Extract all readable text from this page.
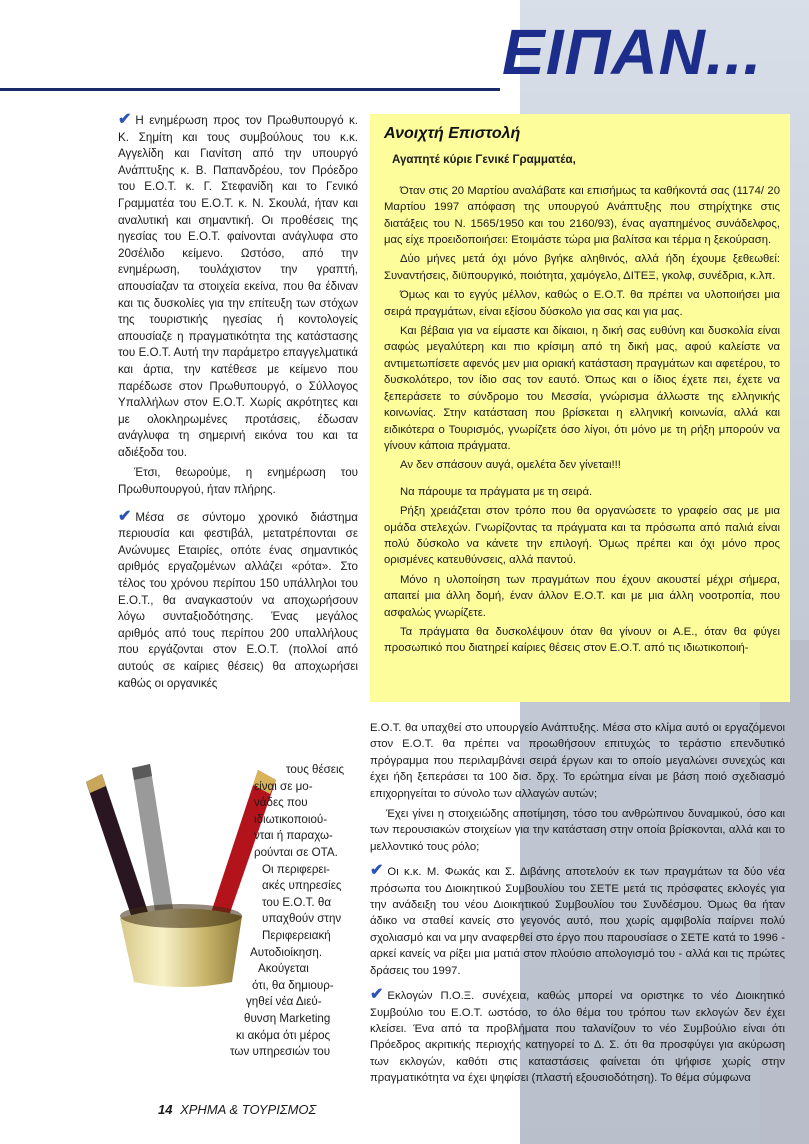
ΕΙΠΑΝ...

✔ Η ενημέρωση προς τον Πρωθυπουργό κ. Κ. Σημίτη και τους συμβούλους του κ.κ. Αγγελίδη και Γιανίτση από την υπουργό Ανάπτυξης κ. Β. Παπανδρέου, τον Πρόεδρο του Ε.Ο.Τ. κ. Γ. Στεφανίδη και το Γενικό Γραμματέα του Ε.Ο.Τ. κ. Ν. Σκουλά, ήταν και αναλυτική και σημαντική. Οι προθέσεις της ηγεσίας του Ε.Ο.Τ. φαίνονται ανάγλυφα στο 20σέλιδο κείμενο. Ωστόσο, από την ενημέρωση, τουλάχιστον την γραπτή, απουσίαζαν τα στοιχεία εκείνα, που θα έδιναν και τις δυσκολίες για την επίτευξη των στόχων της τουριστικής ηγεσίας ή κοντολογείς απουσίαζε η πραγματικότητα της κατάστασης του Ε.Ο.Τ. Αυτή την παράμετρο επαγγελματικά και άρτια, την κατέθεσε με κείμενο που παρέδωσε στον Πρωθυπουργό, ο Σύλλογος Υπαλλήλων στον Ε.Ο.Τ. Χωρίς ακρότητες και με ολοκληρωμένες προτάσεις, έδωσαν ανάγλυφα τη σημερινή εικόνα του και τα αδιέξοδα του.

Έτσι, θεωρούμε, η ενημέρωση του Πρωθυπουργού, ήταν πλήρης.

✔ Μέσα σε σύντομο χρονικό διάστημα περιουσία και φεστιβάλ, μετατρέπονται σε Ανώνυμες Εταιρίες, οπότε ένας σημαντικός αριθμός εργαζομένων αλλάζει «ρότα». Στο τέλος του χρόνου περίπου 150 υπάλληλοι του Ε.Ο.Τ., θα αναγκαστούν να αποχωρήσουν λόγω συνταξιοδότησης. Ένας μεγάλος αριθμός από τους περίπου 200 υπαλλήλους που εργάζονται στον Ε.Ο.Τ. (πολλοί από αυτούς σε καίριες θέσεις) θα αποχωρήσει καθώς οι οργανικές

τους θέσεις
είναι σε μο-
νάδες που
ιδιωτικοποιού-
νται ή παραχω-
ρούνται σε ΟΤΑ.
Οι περιφερει-
ακές υπηρεσίες
του Ε.Ο.Τ. θα
υπαχθούν στην
Περιφερειακή
Αυτοδιοίκηση.
Ακούγεται
ότι, θα δημιουρ-
γηθεί νέα Διεύ-
θυνση Marketing
κι ακόμα ότι μέρος
των υπηρεσιών του
Ανοιχτή Επιστολή
Αγαπητέ κύριε Γενικέ Γραμματέα,

Όταν στις 20 Μαρτίου αναλάβατε και επισήμως τα καθήκοντά σας (1174/ 20 Μαρτίου 1997 απόφαση της υπουργού Ανάπτυξης που στηρίχτηκε στις διατάξεις του Ν. 1565/1950 και του 2160/93), ένας αγαπημένος συνάδελφος, μας είχε προειδοποιήσει: Ετοιμάστε τώρα μια βαλίτσα και τέρμα η ξεκούραση.

Δύο μήνες μετά όχι μόνο βγήκε αληθινός, αλλά ήδη έχουμε ξεθεωθεί: Συναντήσεις, διϋπουργικό, ποιότητα, χαμόγελο, ΔΙΤΕΞ, γκολφ, συνέδρια, κ.λπ.

Όμως και το εγγύς μέλλον, καθώς ο Ε.Ο.Τ. θα πρέπει να υλοποιήσει μια σειρά πραγμάτων, είναι εξίσου δύσκολο για σας και για μας.

Και βέβαια για να είμαστε και δίκαιοι, η δική σας ευθύνη και δυσκολία είναι σαφώς μεγαλύτερη και πιο κρίσιμη από τη δική μας, αφού καλείστε να αντιμετωπίσετε αφενός μεν μια οριακή κατάσταση πραγμάτων και αφετέρου, το δυσκολότερο, τον ίδιο σας τον εαυτό. Όπως και ο ίδιος έχετε πει, έχετε να ξεπεράσετε το σύνδρομο του Μεσσία, γνώρισμα άλλωστε της ελληνικής κοινωνίας. Στην κατάσταση που βρίσκεται η ελληνική κοινωνία, αλλά και ειδικότερα ο Τουρισμός, γνωρίζετε όσο λίγοι, ότι μόνο με τη ρήξη μπορούν να γίνουν κάποια πράγματα.

Αν δεν σπάσουν αυγά, ομελέτα δεν γίνεται!!!

Να πάρουμε τα πράγματα με τη σειρά.

Ρήξη χρειάζεται στον τρόπο που θα οργανώσετε το γραφείο σας με μια ομάδα στελεχών. Γνωρίζοντας τα πράγματα και τα πρόσωπα από παλιά είναι πολύ δύσκολο να κάνετε την επιλογή. Όμως πρέπει και όχι μόνο προς ορισμένες κατευθύνσεις, αλλά παντού.

Μόνο η υλοποίηση των πραγμάτων που έχουν ακουστεί μέχρι σήμερα, απαιτεί μια άλλη δομή, έναν άλλον Ε.Ο.Τ. και με μια άλλη νοοτροπία, που ασφαλώς γνωρίζετε.

Τα πράγματα θα δυσκολέψουν όταν θα γίνουν οι Α.Ε., όταν θα φύγει προσωπικό που διατηρεί καίριες θέσεις στον Ε.Ο.Τ. από τις ιδιωτικοποιή-

Ε.Ο.Τ. θα υπαχθεί στο υπουργείο Ανάπτυξης. Μέσα στο κλίμα αυτό οι εργαζόμενοι στον Ε.Ο.Τ. θα πρέπει να προωθήσουν επιτυχώς το τεράστιο επενδυτικό πρόγραμμα που περιλαμβάνει σειρά έργων και το οποίο μεγαλώνει συνεχώς και έχει ήδη ξεπεράσει τα 100 δισ. δρχ. Το ερώτημα είναι με βάση ποιό σχεδιασμό επιχορηγείται το σύνολο των αλλαγών αυτών;

Έχει γίνει η στοιχειώδης αποτίμηση, τόσο του ανθρώπινου δυναμικού, όσο και των περουσιακών στοιχείων για την κατάσταση στην οποία βρίσκονται, αλλά και το μελλοντικό τους ρόλο;

✔ Οι κ.κ. Μ. Φωκάς και Σ. Διβάνης αποτελούν εκ των πραγμάτων τα δύο νέα πρόσωπα του Διοικητικού Συμβουλίου του ΣΕΤΕ μετά τις πρόσφατες εκλογές για την ανάδειξη του νέου Διοικητικού Συμβουλίου του Συνδέσμου. Όμως θα ήταν άδικο να σταθεί κανείς στο γεγονός αυτό, που χωρίς αμφιβολία παίρνει πολύ σχολιασμό και να μην αναφερθεί στο έργο που παρουσίασε ο ΣΕΤΕ κατά το 1996 - αρκεί κανείς να ρίξει μια ματιά στον πλούσιο απολογισμό του - αλλά και τις πρώτες δράσεις του 1997.

✔ Εκλογών Π.Ο.Ξ. συνέχεια, καθώς μπορεί να οριστηκε το νέο Διοικητικό Συμβούλιο του Ε.Ο.Τ. ωστόσο, το όλο θέμα του τρόπου των εκλογών δεν έχει κλείσει. Ένα από τα προβλήματα που ταλανίζουν το νέο Συμβούλιο είναι ότι Πρόεδρος ακριτικής περιοχής κατηγορεί το Δ. Σ. ότι θα προσφύγει για ακύρωση των εκλογών, καθότι στις καταστάσεις φαίνεται ότι ψήφισε χωρίς στην πραγματικότητα να έχει ψηφίσει (πλαστή εξουσιοδότηση). Το θέμα σύμφωνα

14 ΧΡΗΜΑ & ΤΟΥΡΙΣΜΟΣ
